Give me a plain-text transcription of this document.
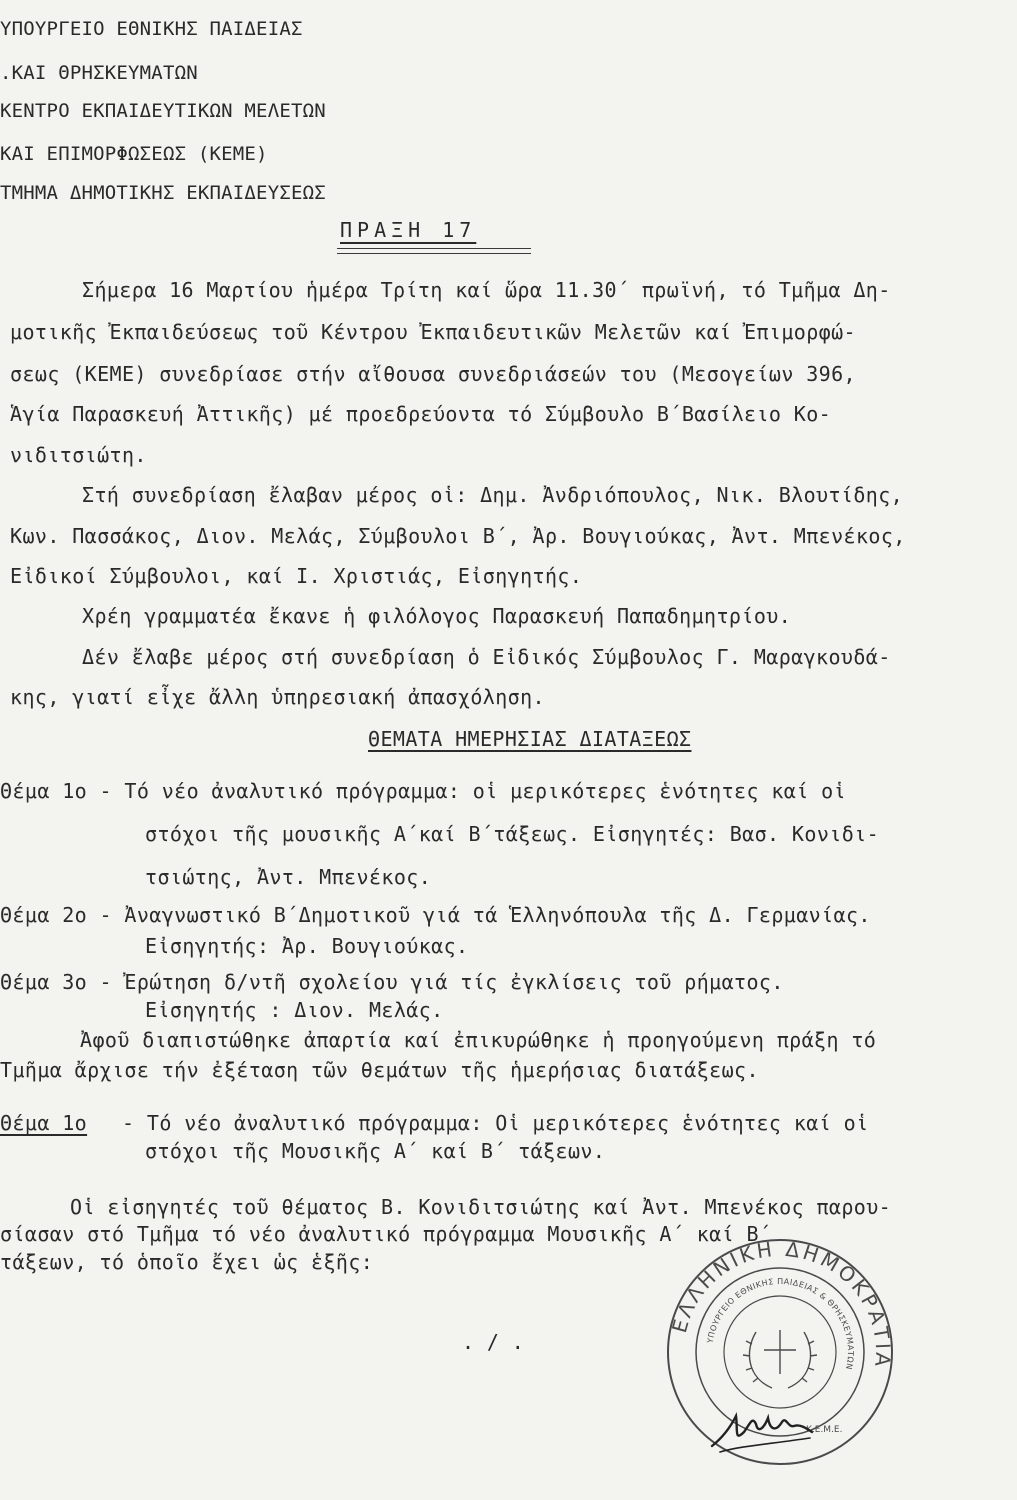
ΥΠΟΥΡΓΕΙΟ ΕΘΝΙΚΗΣ ΠΑΙΔΕΙΑΣ
.ΚΑΙ ΘΡΗΣΚΕΥΜΑΤΩΝ
ΚΕΝΤΡΟ ΕΚΠΑΙΔΕΥΤΙΚΩΝ ΜΕΛΕΤΩΝ
ΚΑΙ ΕΠΙΜΟΡΦΩΣΕΩΣ (ΚΕΜΕ)
ΤΜΗΜΑ ΔΗΜΟΤΙΚΗΣ ΕΚΠΑΙΔΕΥΣΕΩΣ
ΠΡΑΞΗ 17
Σήμερα 16 Μαρτίου ἡμέρα Τρίτη καί ὥρα 11.30΄ πρωϊνή, τό Τμῆμα Δη-
μοτικῆς Ἐκπαιδεύσεως τοῦ Κέντρου Ἐκπαιδευτικῶν Μελετῶν καί Ἐπιμορφώ-
σεως (ΚΕΜΕ) συνεδρίασε στήν αἴθουσα συνεδριάσεών του (Μεσογείων 396,
Ἁγία Παρασκευή Ἀττικῆς) μέ προεδρεύοντα τό Σύμβουλο Β΄Βασίλειο Κο-
νιδιτσιώτη.
Στή συνεδρίαση ἔλαβαν μέρος οἱ: Δημ. Ἀνδριόπουλος, Νικ. Βλουτίδης,
Κων. Πασσάκος, Διον. Μελάς, Σύμβουλοι Β΄, Ἀρ. Βουγιούκας, Ἀντ. Μπενέκος,
Εἰδικοί Σύμβουλοι, καί Ι. Χριστιάς, Εἰσηγητής.
Χρέη γραμματέα ἔκανε ἡ φιλόλογος Παρασκευή Παπαδημητρίου.
Δέν ἔλαβε μέρος στή συνεδρίαση ὁ Εἰδικός Σύμβουλος Γ. Μαραγκουδά-
κης, γιατί εἶχε ἄλλη ὑπηρεσιακή ἀπασχόληση.
ΘΕΜΑΤΑ ΗΜΕΡΗΣΙΑΣ ΔΙΑΤΑΞΕΩΣ
Θέμα 1ο - Τό νέο ἀναλυτικό πρόγραμμα: οἱ μερικότερες ἑνότητες καί οἱ
στόχοι τῆς μουσικῆς Α΄καί Β΄τάξεως. Εἰσηγητές: Βασ. Κονιδι-
τσιώτης, Ἀντ. Μπενέκος.
Θέμα 2ο - Ἀναγνωστικό Β΄Δημοτικοῦ γιά τά Ἑλληνόπουλα τῆς Δ. Γερμανίας.
Εἰσηγητής: Ἀρ. Βουγιούκας.
Θέμα 3ο - Ἐρώτηση δ/ντῆ σχολείου γιά τίς ἐγκλίσεις τοῦ ρήματος.
Εἰσηγητής : Διον. Μελάς.
Ἀφοῦ διαπιστώθηκε ἀπαρτία καί ἐπικυρώθηκε ἡ προηγούμενη πράξη τό
Τμῆμα ἄρχισε τήν ἐξέταση τῶν θεμάτων τῆς ἡμερήσιας διατάξεως.
Θέμα 1ο - Τό νέο ἀναλυτικό πρόγραμμα: Οἱ μερικότερες ἑνότητες καί οἱ
στόχοι τῆς Μουσικῆς Α΄ καί Β΄ τάξεων.
Οἱ εἰσηγητές τοῦ θέματος Β. Κονιδιτσιώτης καί Ἀντ. Μπενέκος παρου-
σίασαν στό Τμῆμα τό νέο ἀναλυτικό πρόγραμμα Μουσικῆς Α΄ καί Β΄
τάξεων, τό ὁποῖο ἔχει ὡς ἑξῆς:
. / .
ΕΛΛΗΝΙΚΗ ΔΗΜΟΚΡΑΤΙΑ
ΥΠΟΥΡΓΕΙΟ ΕΘΝΙΚΗΣ ΠΑΙΔΕΙΑΣ & ΘΡΗΣΚΕΥΜΑΤΩΝ
Κ.Ε.Μ.Ε.
